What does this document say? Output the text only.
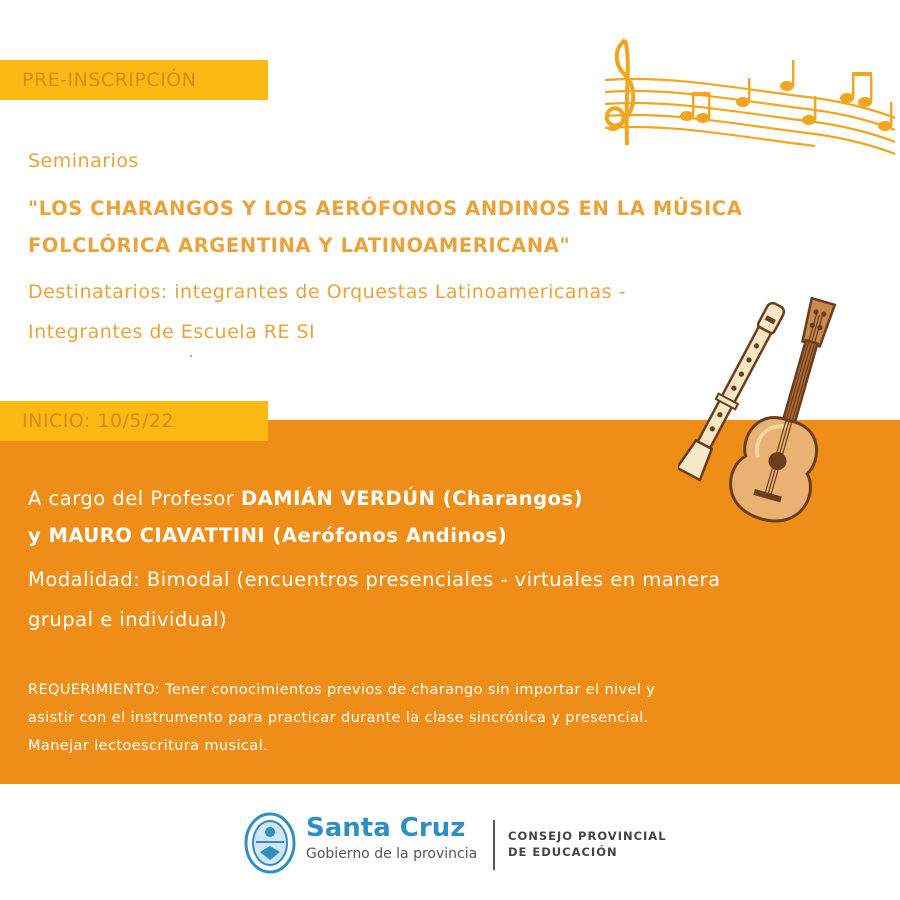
PRE-INSCRIPCIÓN
Seminarios
"LOS CHARANGOS Y LOS AERÓFONOS ANDINOS EN LA MÚSICA
FOLCLÓRICA ARGENTINA Y LATINOAMERICANA"
Destinatarios: integrantes de Orquestas Latinoamericanas -
Integrantes de Escuela RE SI
INICIO: 10/5/22
A cargo del Profesor DAMIÁN VERDÚN (Charangos)
y MAURO CIAVATTINI (Aerófonos Andinos)
Modalidad: Bimodal (encuentros presenciales - virtuales en manera
grupal e individual)
REQUERIMIENTO: Tener conocimientos previos de charango sin importar el nivel y
asistir con el instrumento para practicar durante la clase sincrónica y presencial.
Manejar lectoescritura musical.
Santa Cruz
Gobierno de la provincia
CONSEJO PROVINCIAL
DE EDUCACIÓN
